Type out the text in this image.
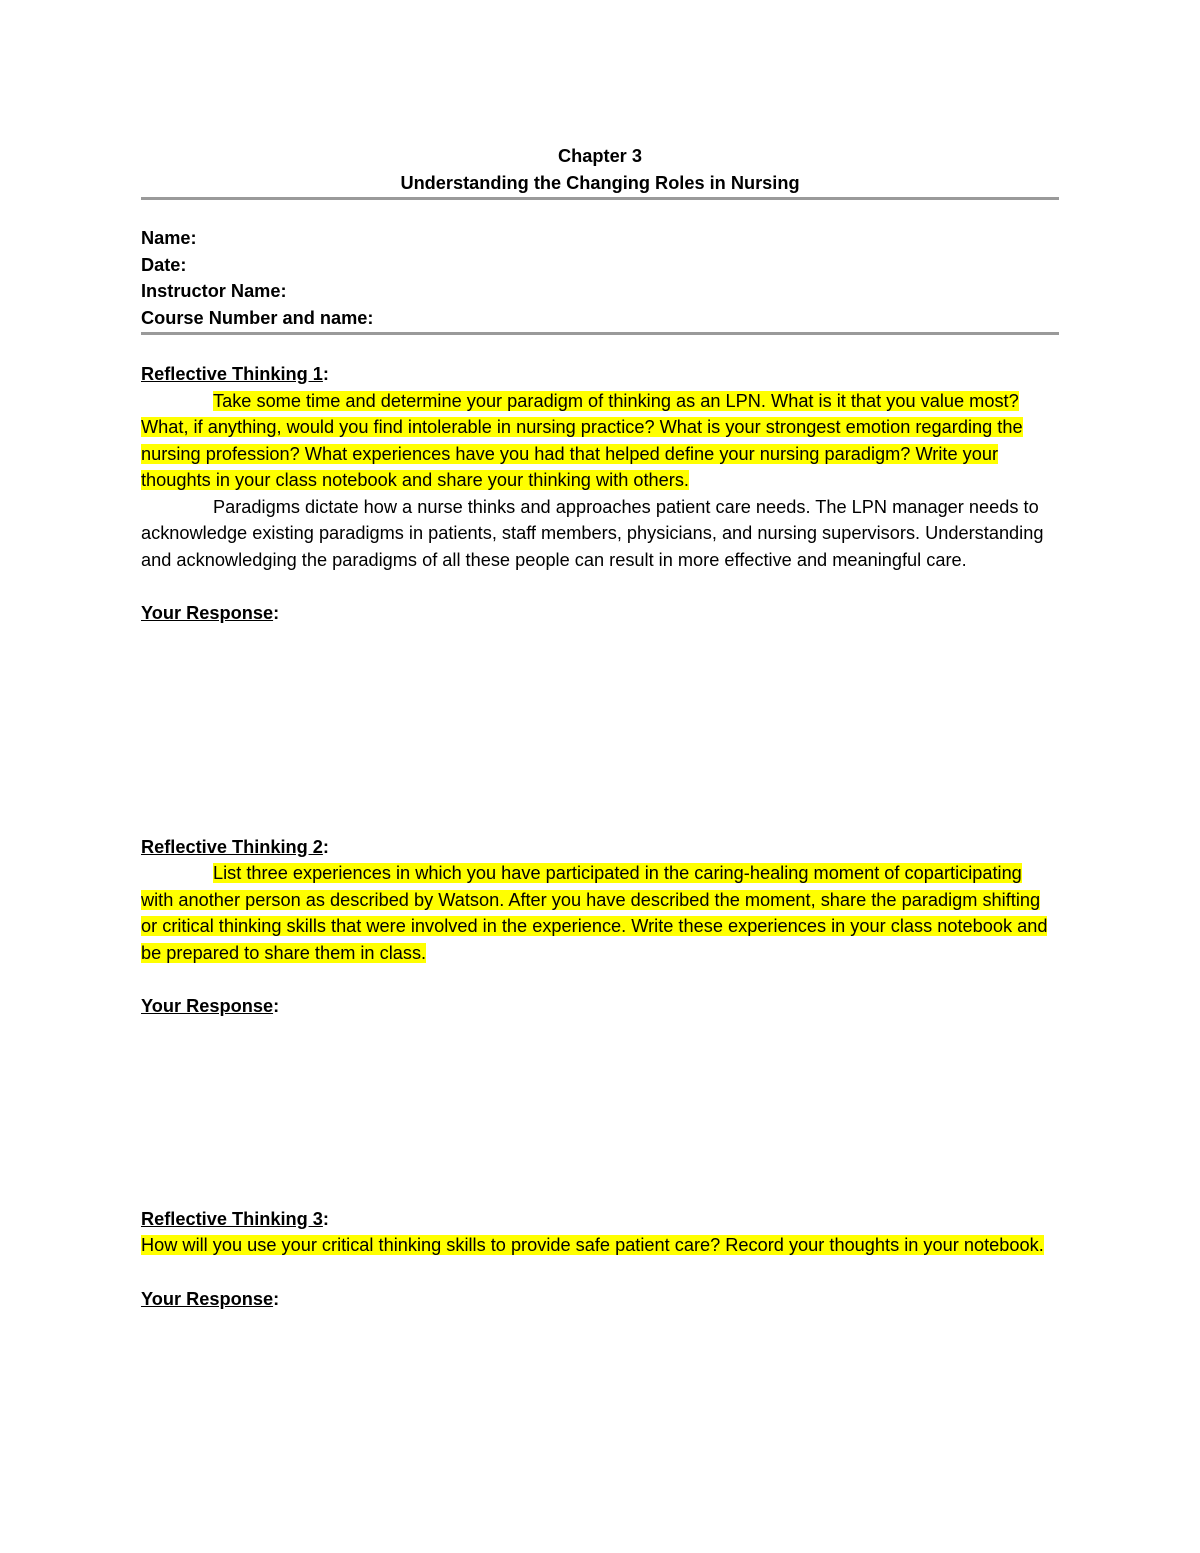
Chapter 3
Understanding the Changing Roles in Nursing
Name:
Date:
Instructor Name:
Course Number and name:
Reflective Thinking 1:

Take some time and determine your paradigm of thinking as an LPN. What is it that you value most? What, if anything, would you find intolerable in nursing practice? What is your strongest emotion regarding the nursing profession? What experiences have you had that helped define your nursing paradigm? Write your thoughts in your class notebook and share your thinking with others.

Paradigms dictate how a nurse thinks and approaches patient care needs. The LPN manager needs to acknowledge existing paradigms in patients, staff members, physicians, and nursing supervisors. Understanding and acknowledging the paradigms of all these people can result in more effective and meaningful care.

Your Response:
Reflective Thinking 2:

List three experiences in which you have participated in the caring-healing moment of coparticipating with another person as described by Watson. After you have described the moment, share the paradigm shifting or critical thinking skills that were involved in the experience. Write these experiences in your class notebook and be prepared to share them in class.

Your Response:
Reflective Thinking 3:

How will you use your critical thinking skills to provide safe patient care? Record your thoughts in your notebook.

Your Response:
